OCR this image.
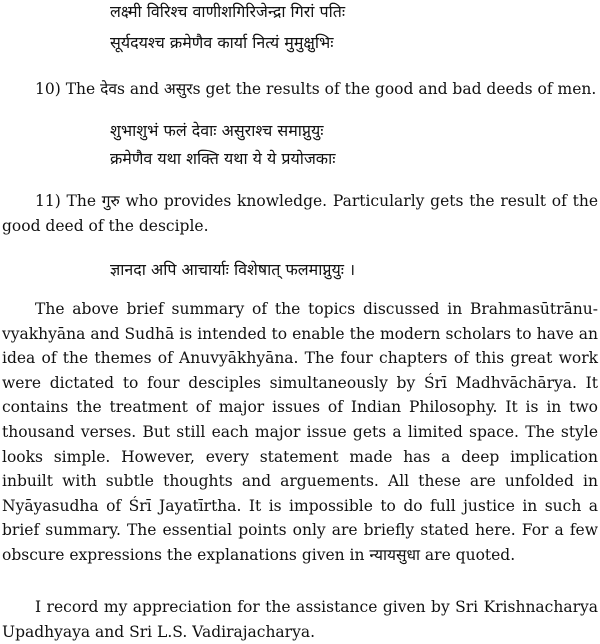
लक्ष्मी विरिश्च वाणीशगिरिजेन्द्रा गिरां पतिः
सूर्यदयश्च क्रमेणैव कार्या नित्यं मुमुक्षुभिः
10) The देवs and असुरs get the results of the good and bad deeds of men.
शुभाशुभं फलं देवाः असुराश्च समाप्नुयुः
क्रमेणैव यथा शक्ति यथा ये ये प्रयोजकाः
11) The गुरु who provides knowledge. Particularly gets the result of the good deed of the desciple.
ज्ञानदा अपि आचार्याः विशेषात् फलमाप्नुयुः ।
The above brief summary of the topics discussed in Brahmasūtrānu-vyakhyāna and Sudhā is intended to enable the modern scholars to have an idea of the themes of Anuvyākhyāna. The four chapters of this great work were dictated to four desciples simultaneously by Śrī Madhvāchārya. It contains the treatment of major issues of Indian Philosophy. It is in two thousand verses. But still each major issue gets a limited space. The style looks simple. However, every statement made has a deep implication inbuilt with subtle thoughts and arguements. All these are unfolded in Nyāyasudha of Śrī Jayatīrtha. It is impossible to do full justice in such a brief summary. The essential points only are briefly stated here. For a few obscure expressions the explanations given in न्यायसुधा are quoted.
I record my appreciation for the assistance given by Sri Krishnacharya Upadhyaya and Sri L.S. Vadirajacharya.
